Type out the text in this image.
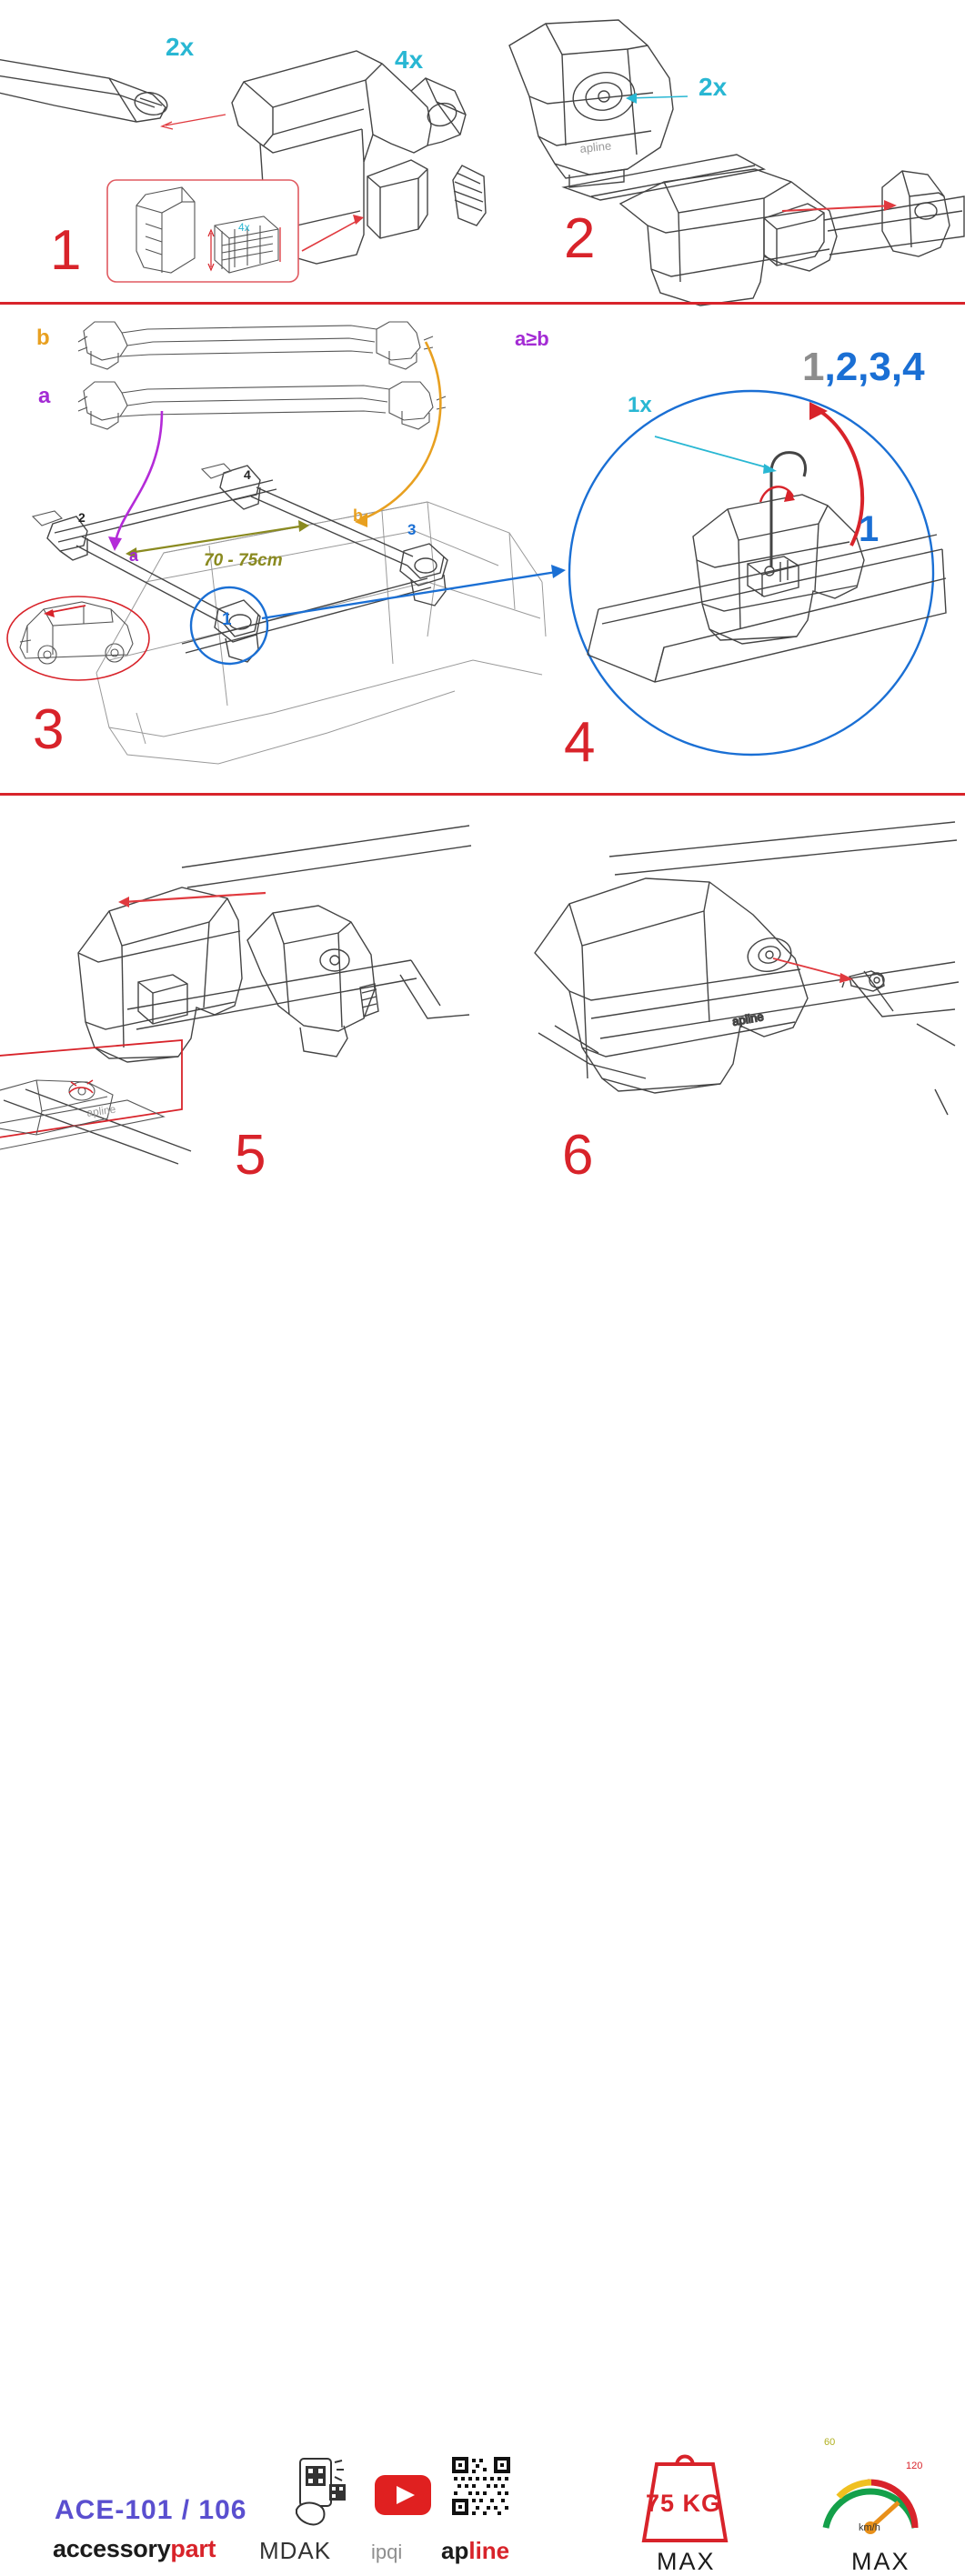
4x
2x	4x
1
apline
2x
2
b
a
a
b
70 - 75cm
1
2
3
4
3
a≥b
1x
1
1,2,3,4
4
apline
5
apline
6
ACE-101 / 106
accessorypart MDAK ipqi apline
75 KG
MAX
60
120
km/h
MAX
